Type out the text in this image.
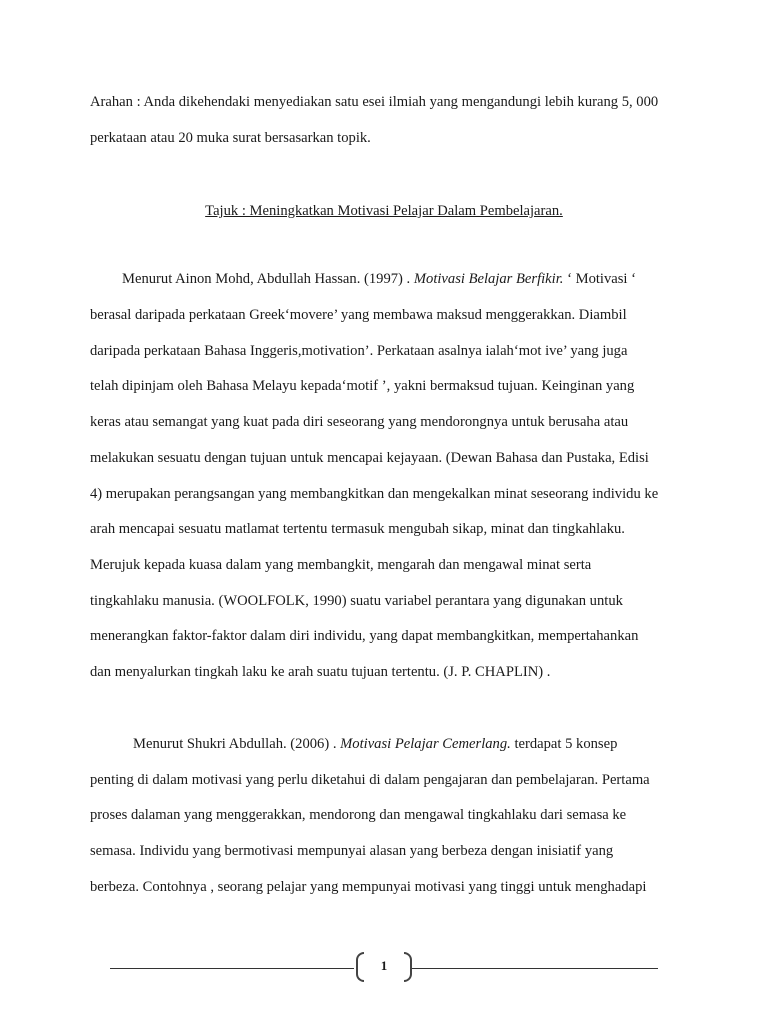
Arahan : Anda dikehendaki menyediakan satu esei ilmiah yang mengandungi lebih kurang 5, 000
perkataan atau 20 muka surat bersasarkan topik.
Tajuk : Meningkatkan Motivasi Pelajar Dalam Pembelajaran.
Menurut Ainon Mohd, Abdullah Hassan. (1997) . Motivasi Belajar Berfikir. ‘ Motivasi ‘
berasal daripada perkataan Greek‘movere’ yang membawa maksud menggerakkan. Diambil
daripada perkataan Bahasa Inggeris,motivation’. Perkataan asalnya ialah‘mot ive’ yang juga
telah dipinjam oleh Bahasa Melayu kepada‘motif ’, yakni bermaksud tujuan. Keinginan yang
keras atau semangat yang kuat pada diri seseorang yang mendorongnya untuk berusaha atau
melakukan sesuatu dengan tujuan untuk mencapai kejayaan. (Dewan Bahasa dan Pustaka, Edisi
4) merupakan perangsangan yang membangkitkan dan mengekalkan minat seseorang individu ke
arah mencapai sesuatu matlamat tertentu termasuk mengubah sikap, minat dan tingkahlaku.
Merujuk kepada kuasa dalam yang membangkit, mengarah dan mengawal minat serta
tingkahlaku manusia. (WOOLFOLK, 1990) suatu variabel perantara yang digunakan untuk
menerangkan faktor-faktor dalam diri individu, yang dapat membangkitkan, mempertahankan
dan menyalurkan tingkah laku ke arah suatu tujuan tertentu. (J. P. CHAPLIN) .
Menurut Shukri Abdullah. (2006) . Motivasi Pelajar Cemerlang. terdapat 5 konsep
penting di dalam motivasi yang perlu diketahui di dalam pengajaran dan pembelajaran. Pertama
proses dalaman yang menggerakkan, mendorong dan mengawal tingkahlaku dari semasa ke
semasa. Individu yang bermotivasi mempunyai alasan yang berbeza dengan inisiatif yang
berbeza. Contohnya , seorang pelajar yang mempunyai motivasi yang tinggi untuk menghadapi
1
